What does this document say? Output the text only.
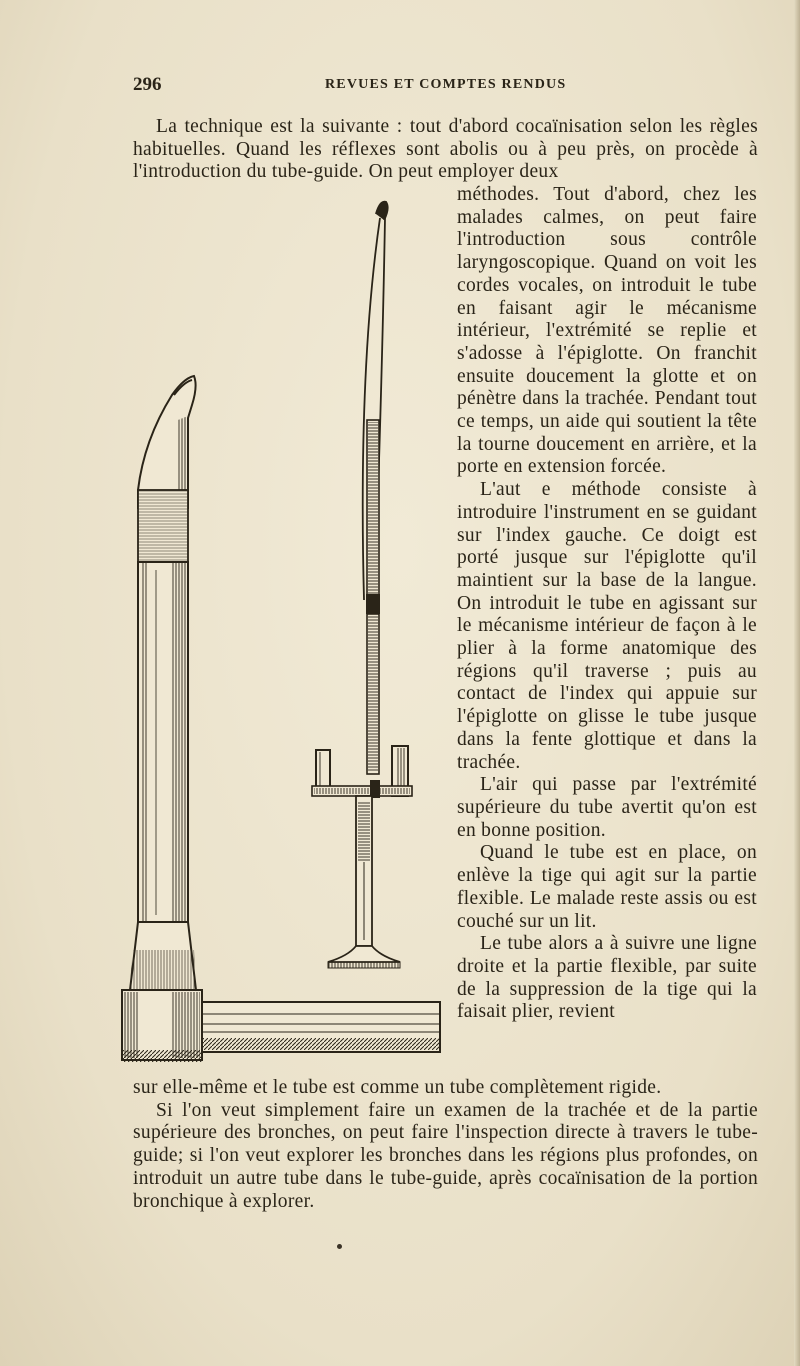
296	REVUES ET COMPTES RENDUS

La technique est la suivante : tout d'abord cocaïnisation selon les règles habituelles. Quand les réflexes sont abolis ou à peu près, on procède à l'introduction du tube-guide. On peut employer deux

méthodes. Tout d'abord, chez les malades calmes, on peut faire l'introduction sous contrôle laryngoscopique. Quand on voit les cordes vocales, on introduit le tube en faisant agir le mécanisme intérieur, l'extrémité se replie et s'adosse à l'épiglotte. On franchit ensuite doucement la glotte et on pénètre dans la trachée. Pendant tout ce temps, un aide qui soutient la tête la tourne doucement en arrière, et la porte en extension forcée.

L'aut e méthode consiste à introduire l'instrument en se guidant sur l'index gauche. Ce doigt est porté jusque sur l'épiglotte qu'il maintient sur la base de la langue. On introduit le tube en agissant sur le mécanisme intérieur de façon à le plier à la forme anatomique des régions qu'il traverse ; puis au contact de l'index qui appuie sur l'épiglotte on glisse le tube jusque dans la fente glottique et dans la trachée.

L'air qui passe par l'extrémité supérieure du tube avertit qu'on est en bonne position.

Quand le tube est en place, on enlève la tige qui agit sur la partie flexible. Le malade reste assis ou est couché sur un lit.

Le tube alors a à suivre une ligne droite et la partie flexible, par suite de la suppression de la tige qui la faisait plier, revient

sur elle-même et le tube est comme un tube complètement rigide.

Si l'on veut simplement faire un examen de la trachée et de la partie supérieure des bronches, on peut faire l'inspection directe à travers le tube-guide; si l'on veut explorer les bronches dans les régions plus profondes, on introduit un autre tube dans le tube-guide, après cocaïnisation de la portion bronchique à explorer.
